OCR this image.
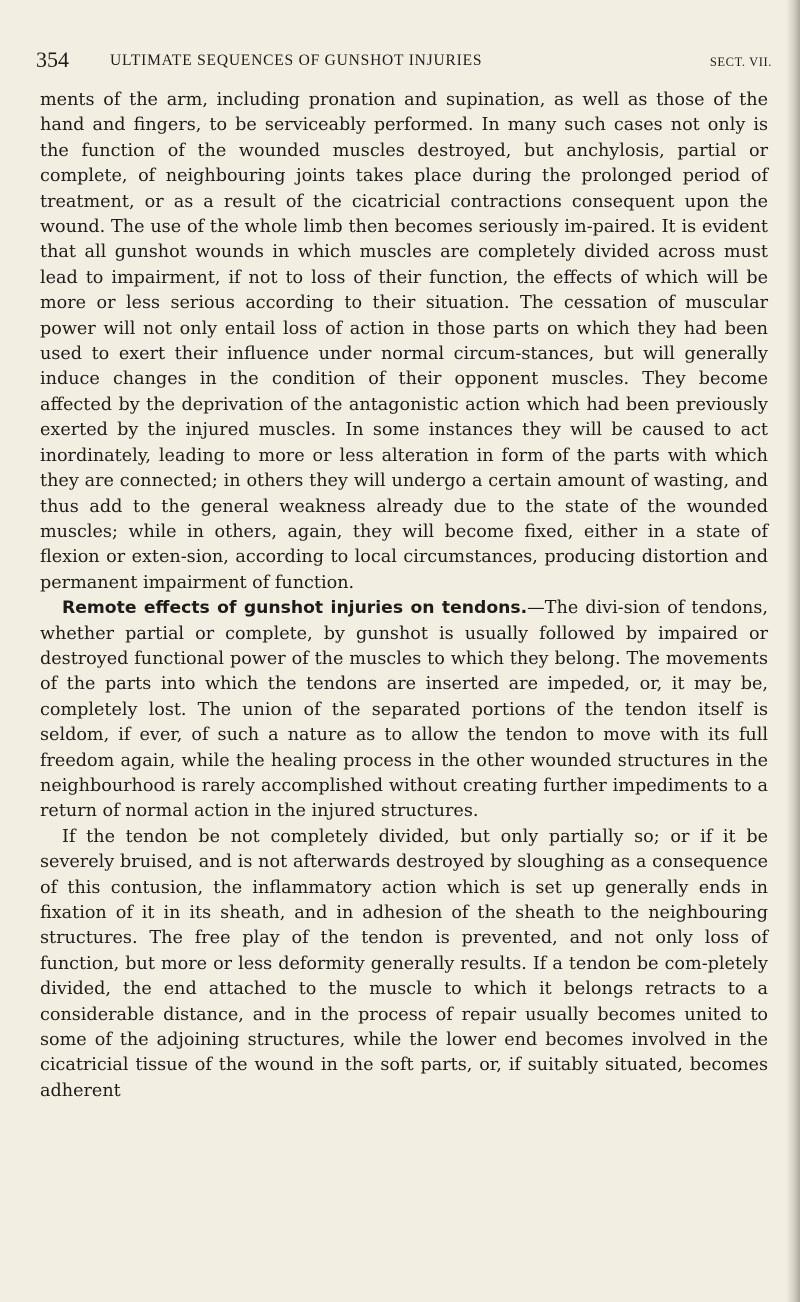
354	ULTIMATE SEQUENCES OF GUNSHOT INJURIES	SECT. VII.

ments of the arm, including pronation and supination, as well as those of the hand and fingers, to be serviceably performed. In many such cases not only is the function of the wounded muscles destroyed, but anchylosis, partial or complete, of neighbouring joints takes place during the prolonged period of treatment, or as a result of the cicatricial contractions consequent upon the wound. The use of the whole limb then becomes seriously im-paired. It is evident that all gunshot wounds in which muscles are completely divided across must lead to impairment, if not to loss of their function, the effects of which will be more or less serious according to their situation. The cessation of muscular power will not only entail loss of action in those parts on which they had been used to exert their influence under normal circum-stances, but will generally induce changes in the condition of their opponent muscles. They become affected by the deprivation of the antagonistic action which had been previously exerted by the injured muscles. In some instances they will be caused to act inordinately, leading to more or less alteration in form of the parts with which they are connected; in others they will undergo a certain amount of wasting, and thus add to the general weakness already due to the state of the wounded muscles; while in others, again, they will become fixed, either in a state of flexion or exten-sion, according to local circumstances, producing distortion and permanent impairment of function.

Remote effects of gunshot injuries on tendons.—The divi-sion of tendons, whether partial or complete, by gunshot is usually followed by impaired or destroyed functional power of the muscles to which they belong. The movements of the parts into which the tendons are inserted are impeded, or, it may be, completely lost. The union of the separated portions of the tendon itself is seldom, if ever, of such a nature as to allow the tendon to move with its full freedom again, while the healing process in the other wounded structures in the neighbourhood is rarely accomplished without creating further impediments to a return of normal action in the injured structures.

If the tendon be not completely divided, but only partially so; or if it be severely bruised, and is not afterwards destroyed by sloughing as a consequence of this contusion, the inflammatory action which is set up generally ends in fixation of it in its sheath, and in adhesion of the sheath to the neighbouring structures. The free play of the tendon is prevented, and not only loss of function, but more or less deformity generally results. If a tendon be com-pletely divided, the end attached to the muscle to which it belongs retracts to a considerable distance, and in the process of repair usually becomes united to some of the adjoining structures, while the lower end becomes involved in the cicatricial tissue of the wound in the soft parts, or, if suitably situated, becomes adherent
